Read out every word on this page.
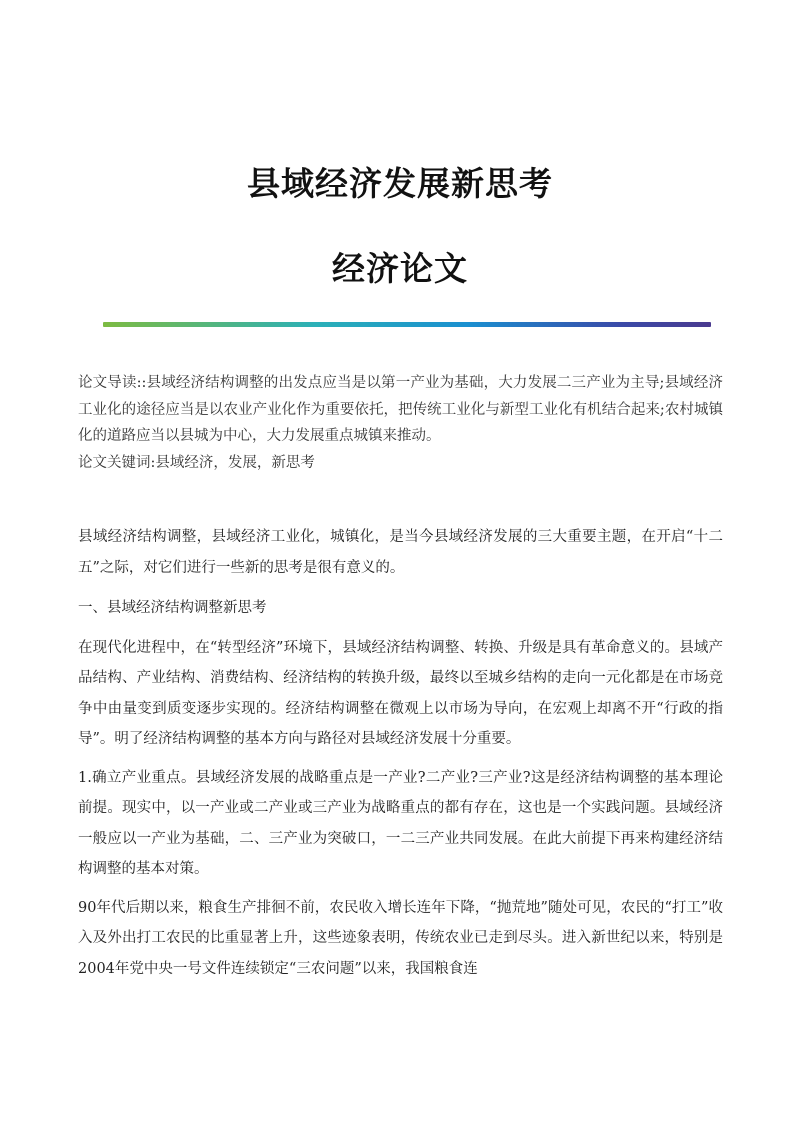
县域经济发展新思考
经济论文

论文导读::县域经济结构调整的出发点应当是以第一产业为基础，大力发展二三产业为主导;县域经济工业化的途径应当是以农业产业化作为重要依托，把传统工业化与新型工业化有机结合起来;农村城镇化的道路应当以县城为中心，大力发展重点城镇来推动。

论文关键词:县域经济，发展，新思考

县域经济结构调整，县域经济工业化，城镇化，是当今县域经济发展的三大重要主题，在开启“十二五”之际，对它们进行一些新的思考是很有意义的。

一、县域经济结构调整新思考

在现代化进程中，在“转型经济”环境下，县域经济结构调整、转换、升级是具有革命意义的。县域产品结构、产业结构、消费结构、经济结构的转换升级，最终以至城乡结构的走向一元化都是在市场竞争中由量变到质变逐步实现的。经济结构调整在微观上以市场为导向，在宏观上却离不开“行政的指导”。明了经济结构调整的基本方向与路径对县域经济发展十分重要。

1.确立产业重点。县域经济发展的战略重点是一产业?二产业?三产业?这是经济结构调整的基本理论前提。现实中，以一产业或二产业或三产业为战略重点的都有存在，这也是一个实践问题。县域经济一般应以一产业为基础，二、三产业为突破口，一二三产业共同发展。在此大前提下再来构建经济结构调整的基本对策。

90年代后期以来，粮食生产排徊不前，农民收入增长连年下降，“抛荒地”随处可见，农民的“打工”收入及外出打工农民的比重显著上升，这些迹象表明，传统农业已走到尽头。进入新世纪以来，特别是2004年党中央一号文件连续锁定“三农问题”以来，我国粮食连
